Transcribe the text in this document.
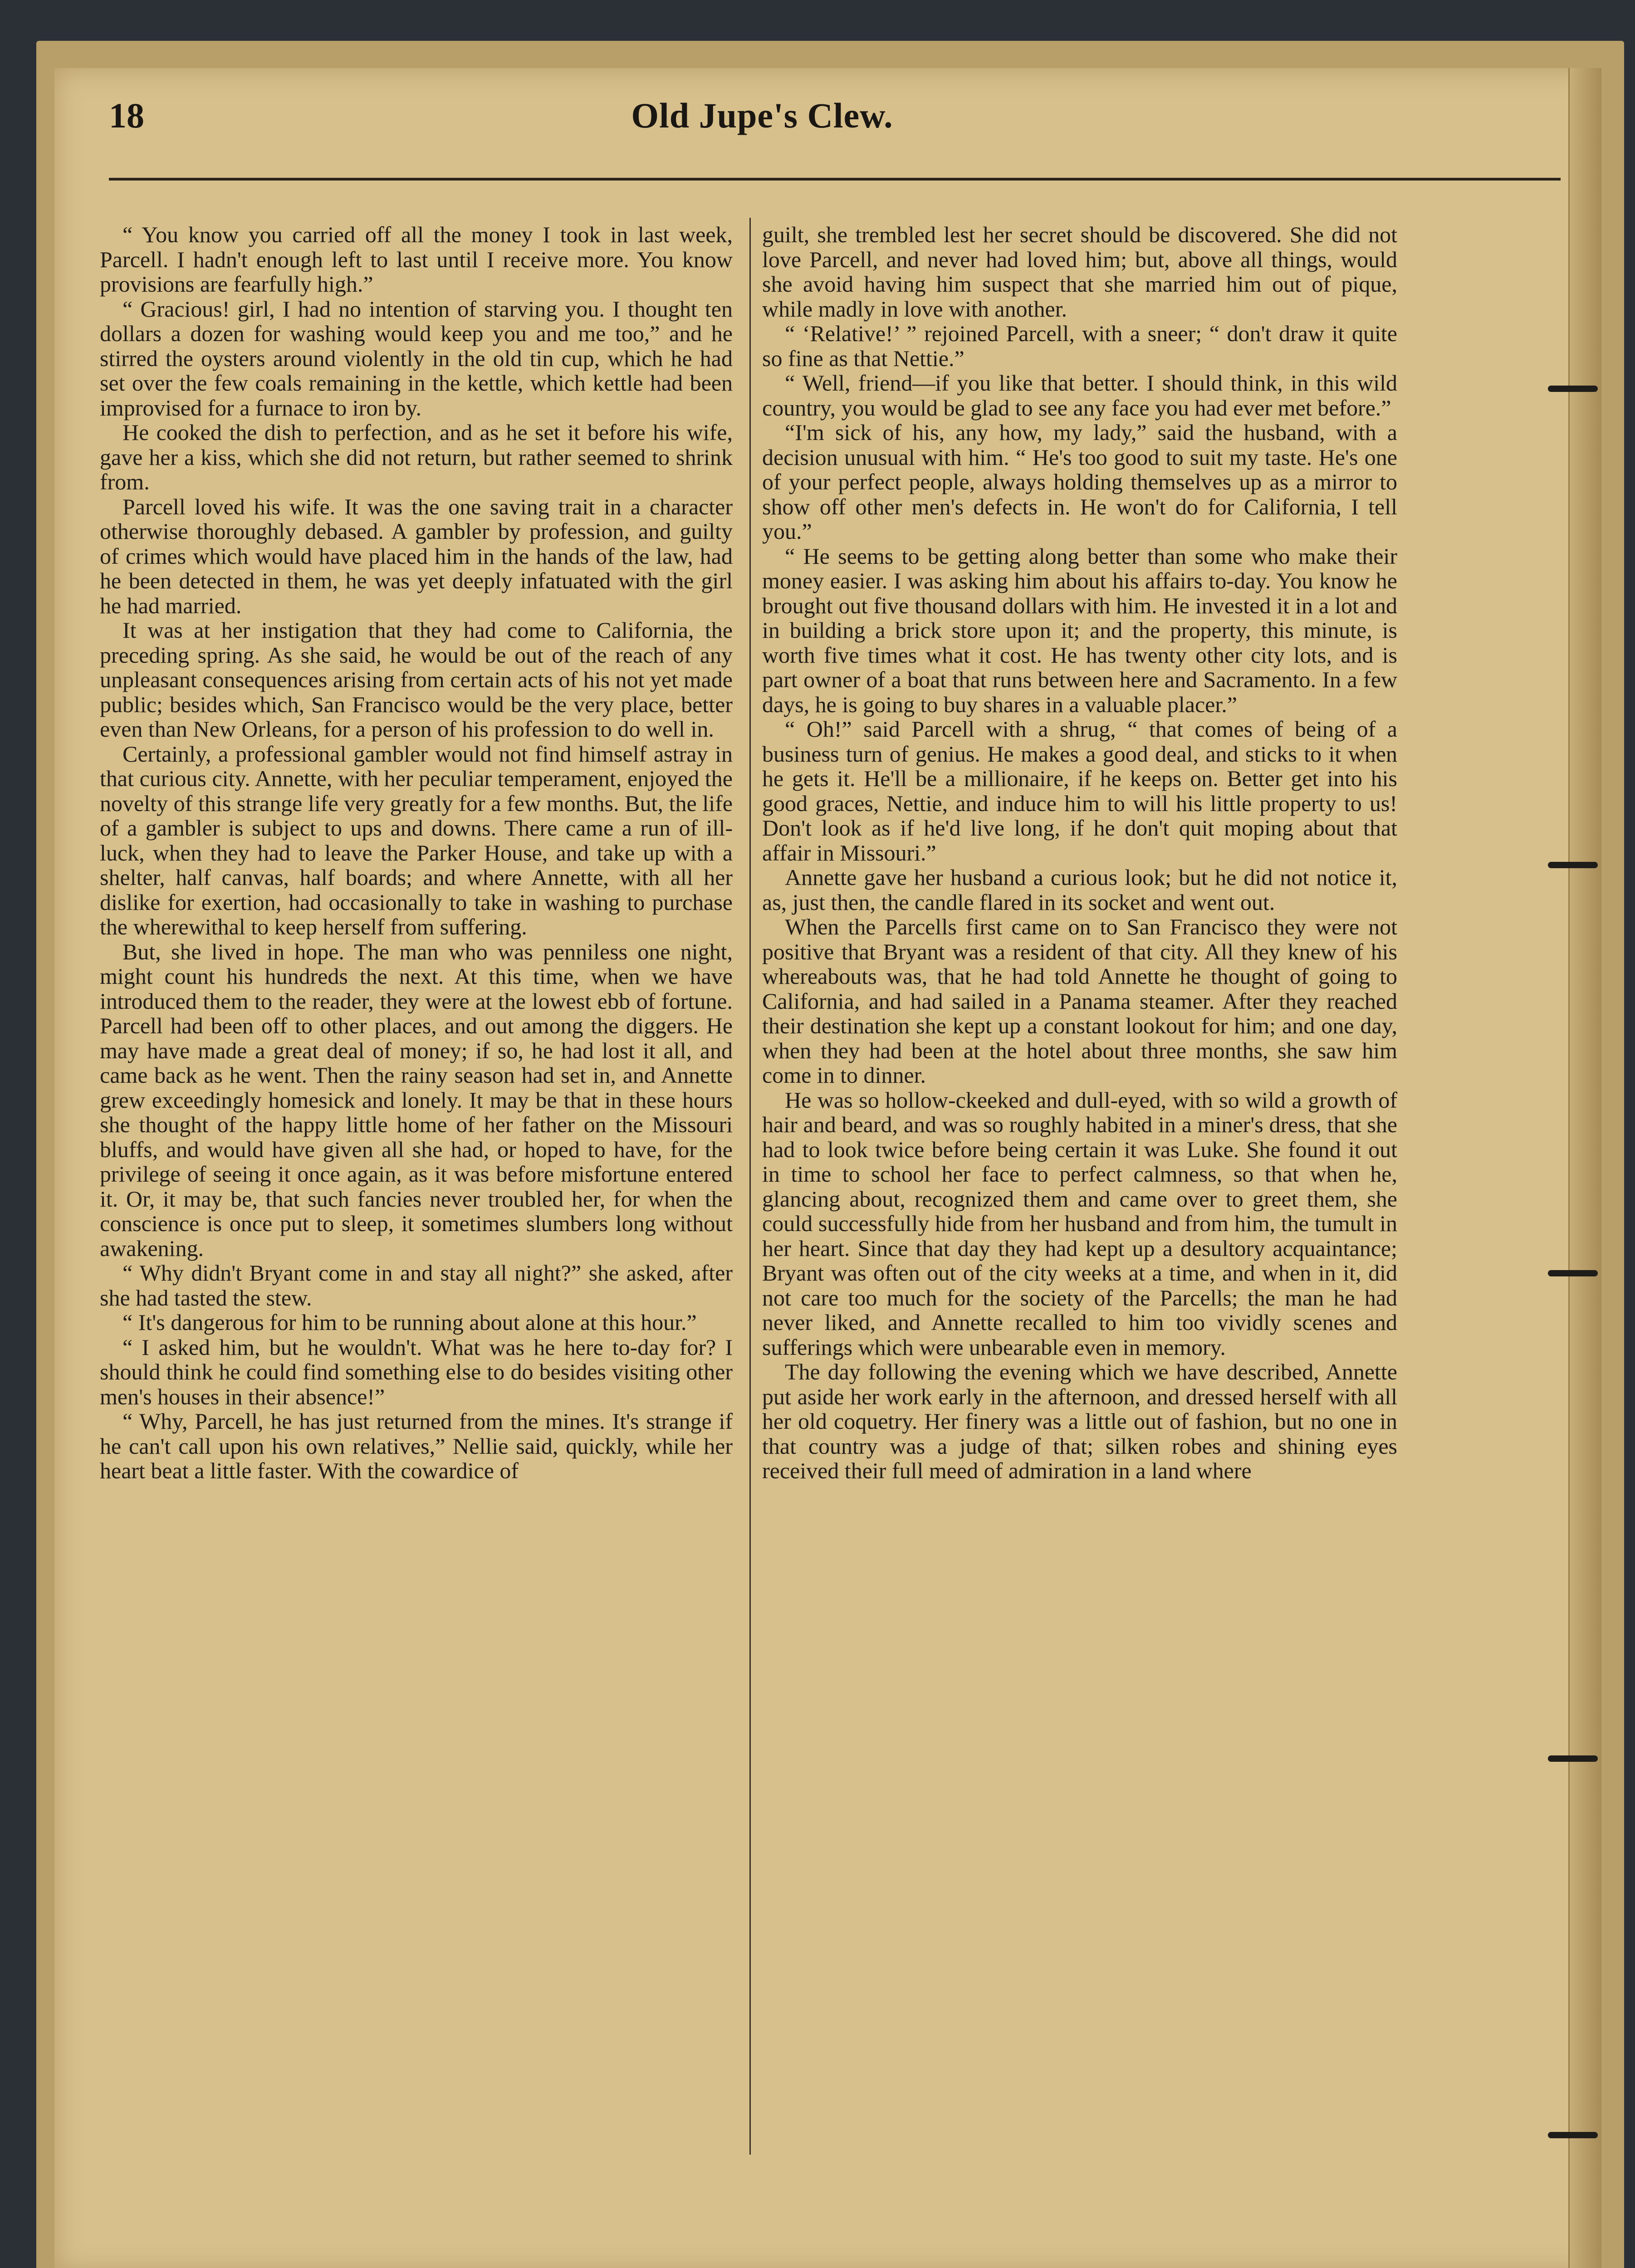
18	Old Jupe's Clew.

“ You know you carried off all the money I took in last week, Parcell. I hadn't enough left to last until I receive more. You know provisions are fearfully high.”

“ Gracious! girl, I had no intention of starving you. I thought ten dollars a dozen for washing would keep you and me too,” and he stirred the oysters around violently in the old tin cup, which he had set over the few coals remaining in the kettle, which kettle had been improvised for a furnace to iron by.

He cooked the dish to perfection, and as he set it before his wife, gave her a kiss, which she did not return, but rather seemed to shrink from.

Parcell loved his wife. It was the one saving trait in a character otherwise thoroughly debased. A gambler by profession, and guilty of crimes which would have placed him in the hands of the law, had he been detected in them, he was yet deeply infatuated with the girl he had married.

It was at her instigation that they had come to California, the preceding spring. As she said, he would be out of the reach of any unpleasant consequences arising from certain acts of his not yet made public; besides which, San Francisco would be the very place, better even than New Orleans, for a person of his profession to do well in.

Certainly, a professional gambler would not find himself astray in that curious city. Annette, with her peculiar temperament, enjoyed the novelty of this strange life very greatly for a few months. But, the life of a gambler is subject to ups and downs. There came a run of ill-luck, when they had to leave the Parker House, and take up with a shelter, half canvas, half boards; and where Annette, with all her dislike for exertion, had occasionally to take in washing to purchase the wherewithal to keep herself from suffering.

But, she lived in hope. The man who was penniless one night, might count his hundreds the next. At this time, when we have introduced them to the reader, they were at the lowest ebb of fortune. Parcell had been off to other places, and out among the diggers. He may have made a great deal of money; if so, he had lost it all, and came back as he went. Then the rainy season had set in, and Annette grew exceedingly homesick and lonely. It may be that in these hours she thought of the happy little home of her father on the Missouri bluffs, and would have given all she had, or hoped to have, for the privilege of seeing it once again, as it was before misfortune entered it. Or, it may be, that such fancies never troubled her, for when the conscience is once put to sleep, it sometimes slumbers long without awakening.

“ Why didn't Bryant come in and stay all night?” she asked, after she had tasted the stew.

“ It's dangerous for him to be running about alone at this hour.”

“ I asked him, but he wouldn't. What was he here to-day for? I should think he could find something else to do besides visiting other men's houses in their absence!”

“ Why, Parcell, he has just returned from the mines. It's strange if he can't call upon his own relatives,” Nellie said, quickly, while her heart beat a little faster. With the cowardice of

guilt, she trembled lest her secret should be discovered. She did not love Parcell, and never had loved him; but, above all things, would she avoid having him suspect that she married him out of pique, while madly in love with another.

“ ‘Relative!’ ” rejoined Parcell, with a sneer; “ don't draw it quite so fine as that Nettie.”

“ Well, friend—if you like that better. I should think, in this wild country, you would be glad to see any face you had ever met before.”

“I'm sick of his, any how, my lady,” said the husband, with a decision unusual with him. “ He's too good to suit my taste. He's one of your perfect people, always holding themselves up as a mirror to show off other men's defects in. He won't do for California, I tell you.”

“ He seems to be getting along better than some who make their money easier. I was asking him about his affairs to-day. You know he brought out five thousand dollars with him. He invested it in a lot and in building a brick store upon it; and the property, this minute, is worth five times what it cost. He has twenty other city lots, and is part owner of a boat that runs between here and Sacramento. In a few days, he is going to buy shares in a valuable placer.”

“ Oh!” said Parcell with a shrug, “ that comes of being of a business turn of genius. He makes a good deal, and sticks to it when he gets it. He'll be a millionaire, if he keeps on. Better get into his good graces, Nettie, and induce him to will his little property to us! Don't look as if he'd live long, if he don't quit moping about that affair in Missouri.”

Annette gave her husband a curious look; but he did not notice it, as, just then, the candle flared in its socket and went out.

When the Parcells first came on to San Francisco they were not positive that Bryant was a resident of that city. All they knew of his whereabouts was, that he had told Annette he thought of going to California, and had sailed in a Panama steamer. After they reached their destination she kept up a constant lookout for him; and one day, when they had been at the hotel about three months, she saw him come in to dinner.

He was so hollow-ckeeked and dull-eyed, with so wild a growth of hair and beard, and was so roughly habited in a miner's dress, that she had to look twice before being certain it was Luke. She found it out in time to school her face to perfect calmness, so that when he, glancing about, recognized them and came over to greet them, she could successfully hide from her husband and from him, the tumult in her heart. Since that day they had kept up a desultory acquaintance; Bryant was often out of the city weeks at a time, and when in it, did not care too much for the society of the Parcells; the man he had never liked, and Annette recalled to him too vividly scenes and sufferings which were unbearable even in memory.

The day following the evening which we have described, Annette put aside her work early in the afternoon, and dressed herself with all her old coquetry. Her finery was a little out of fashion, but no one in that country was a judge of that; silken robes and shining eyes received their full meed of admiration in a land where
